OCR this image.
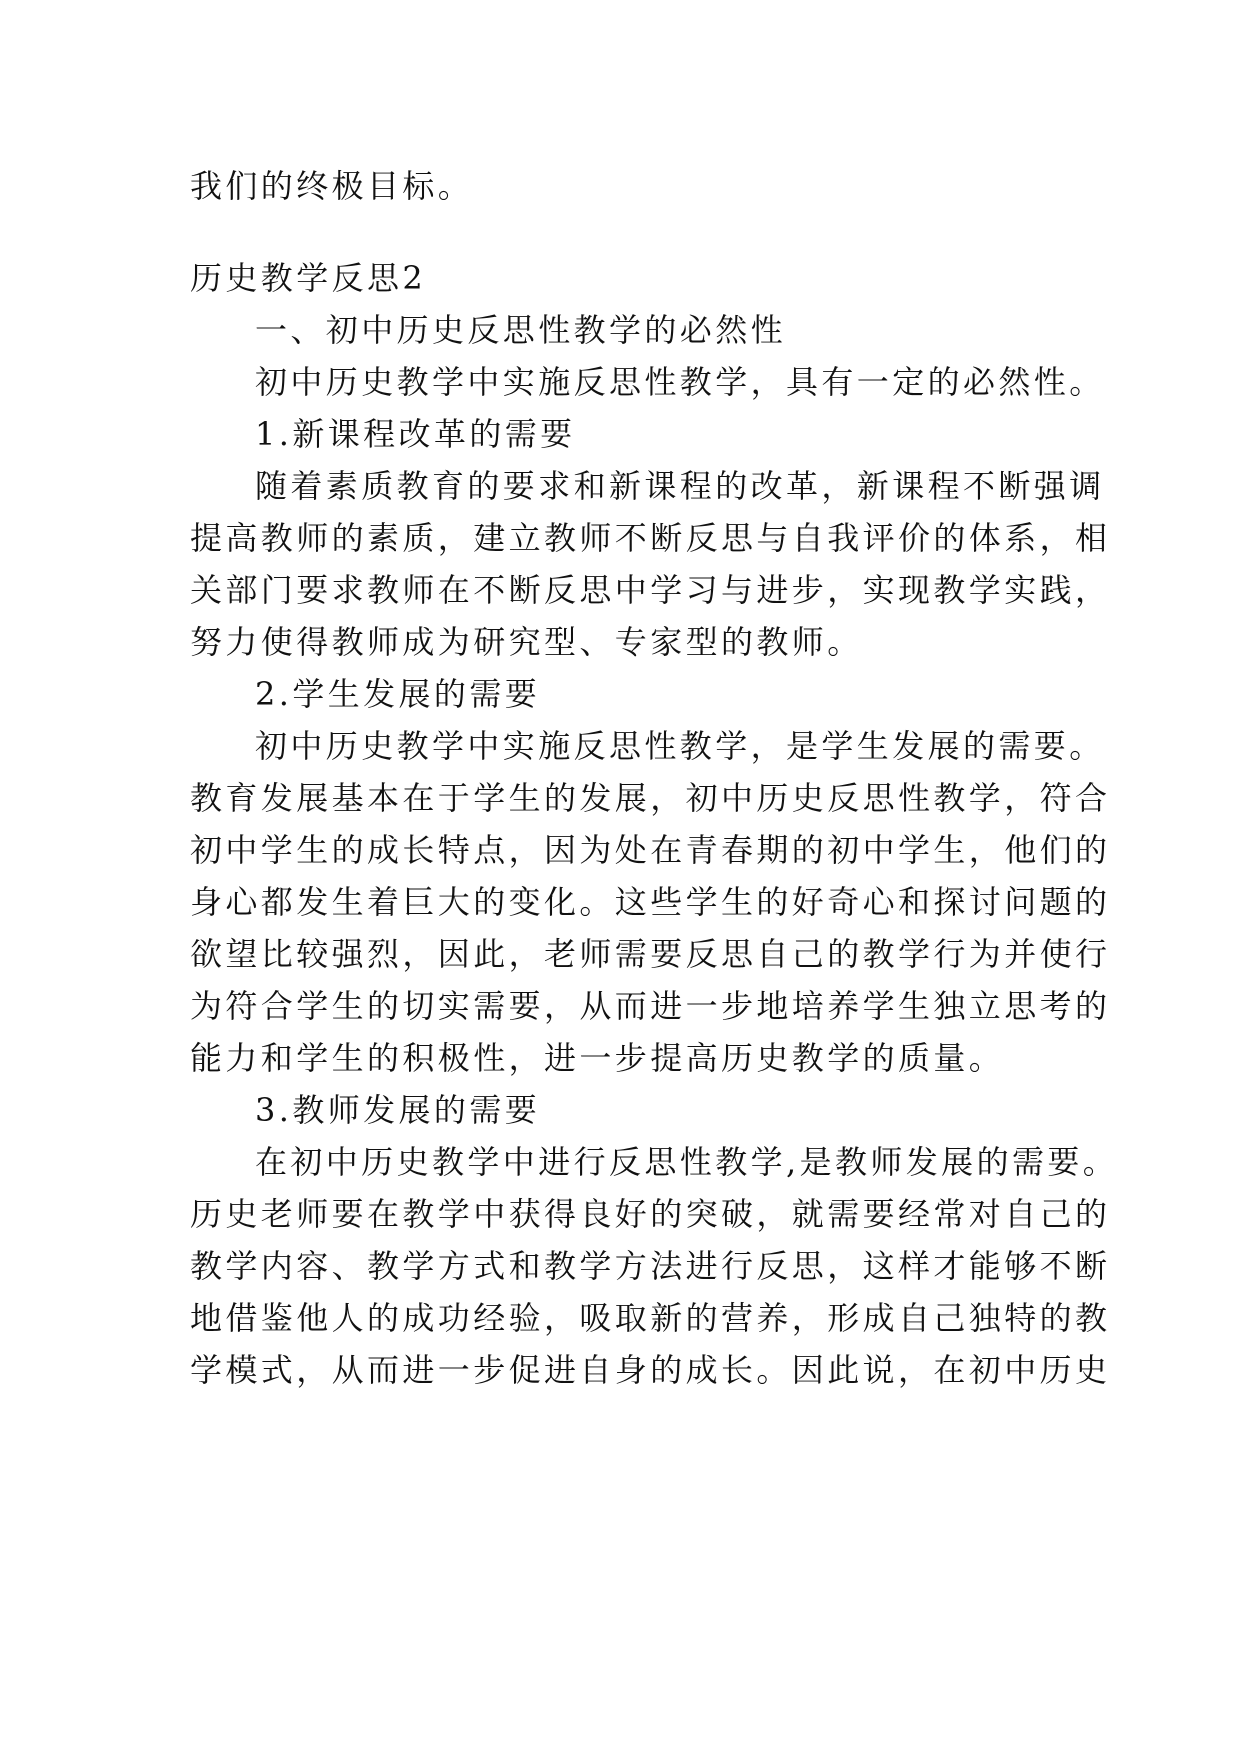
我们的终极目标。
历史教学反思2
一、初中历史反思性教学的必然性
初中历史教学中实施反思性教学，具有一定的必然性。
1.新课程改革的需要
随着素质教育的要求和新课程的改革，新课程不断强调
提高教师的素质，建立教师不断反思与自我评价的体系，相
关部门要求教师在不断反思中学习与进步，实现教学实践，
努力使得教师成为研究型、专家型的教师。
2.学生发展的需要
初中历史教学中实施反思性教学，是学生发展的需要。
教育发展基本在于学生的发展，初中历史反思性教学，符合
初中学生的成长特点，因为处在青春期的初中学生，他们的
身心都发生着巨大的变化。这些学生的好奇心和探讨问题的
欲望比较强烈，因此，老师需要反思自己的教学行为并使行
为符合学生的切实需要，从而进一步地培养学生独立思考的
能力和学生的积极性，进一步提高历史教学的质量。
3.教师发展的需要
在初中历史教学中进行反思性教学,是教师发展的需要。
历史老师要在教学中获得良好的突破，就需要经常对自己的
教学内容、教学方式和教学方法进行反思，这样才能够不断
地借鉴他人的成功经验，吸取新的营养，形成自己独特的教
学模式，从而进一步促进自身的成长。因此说，在初中历史
